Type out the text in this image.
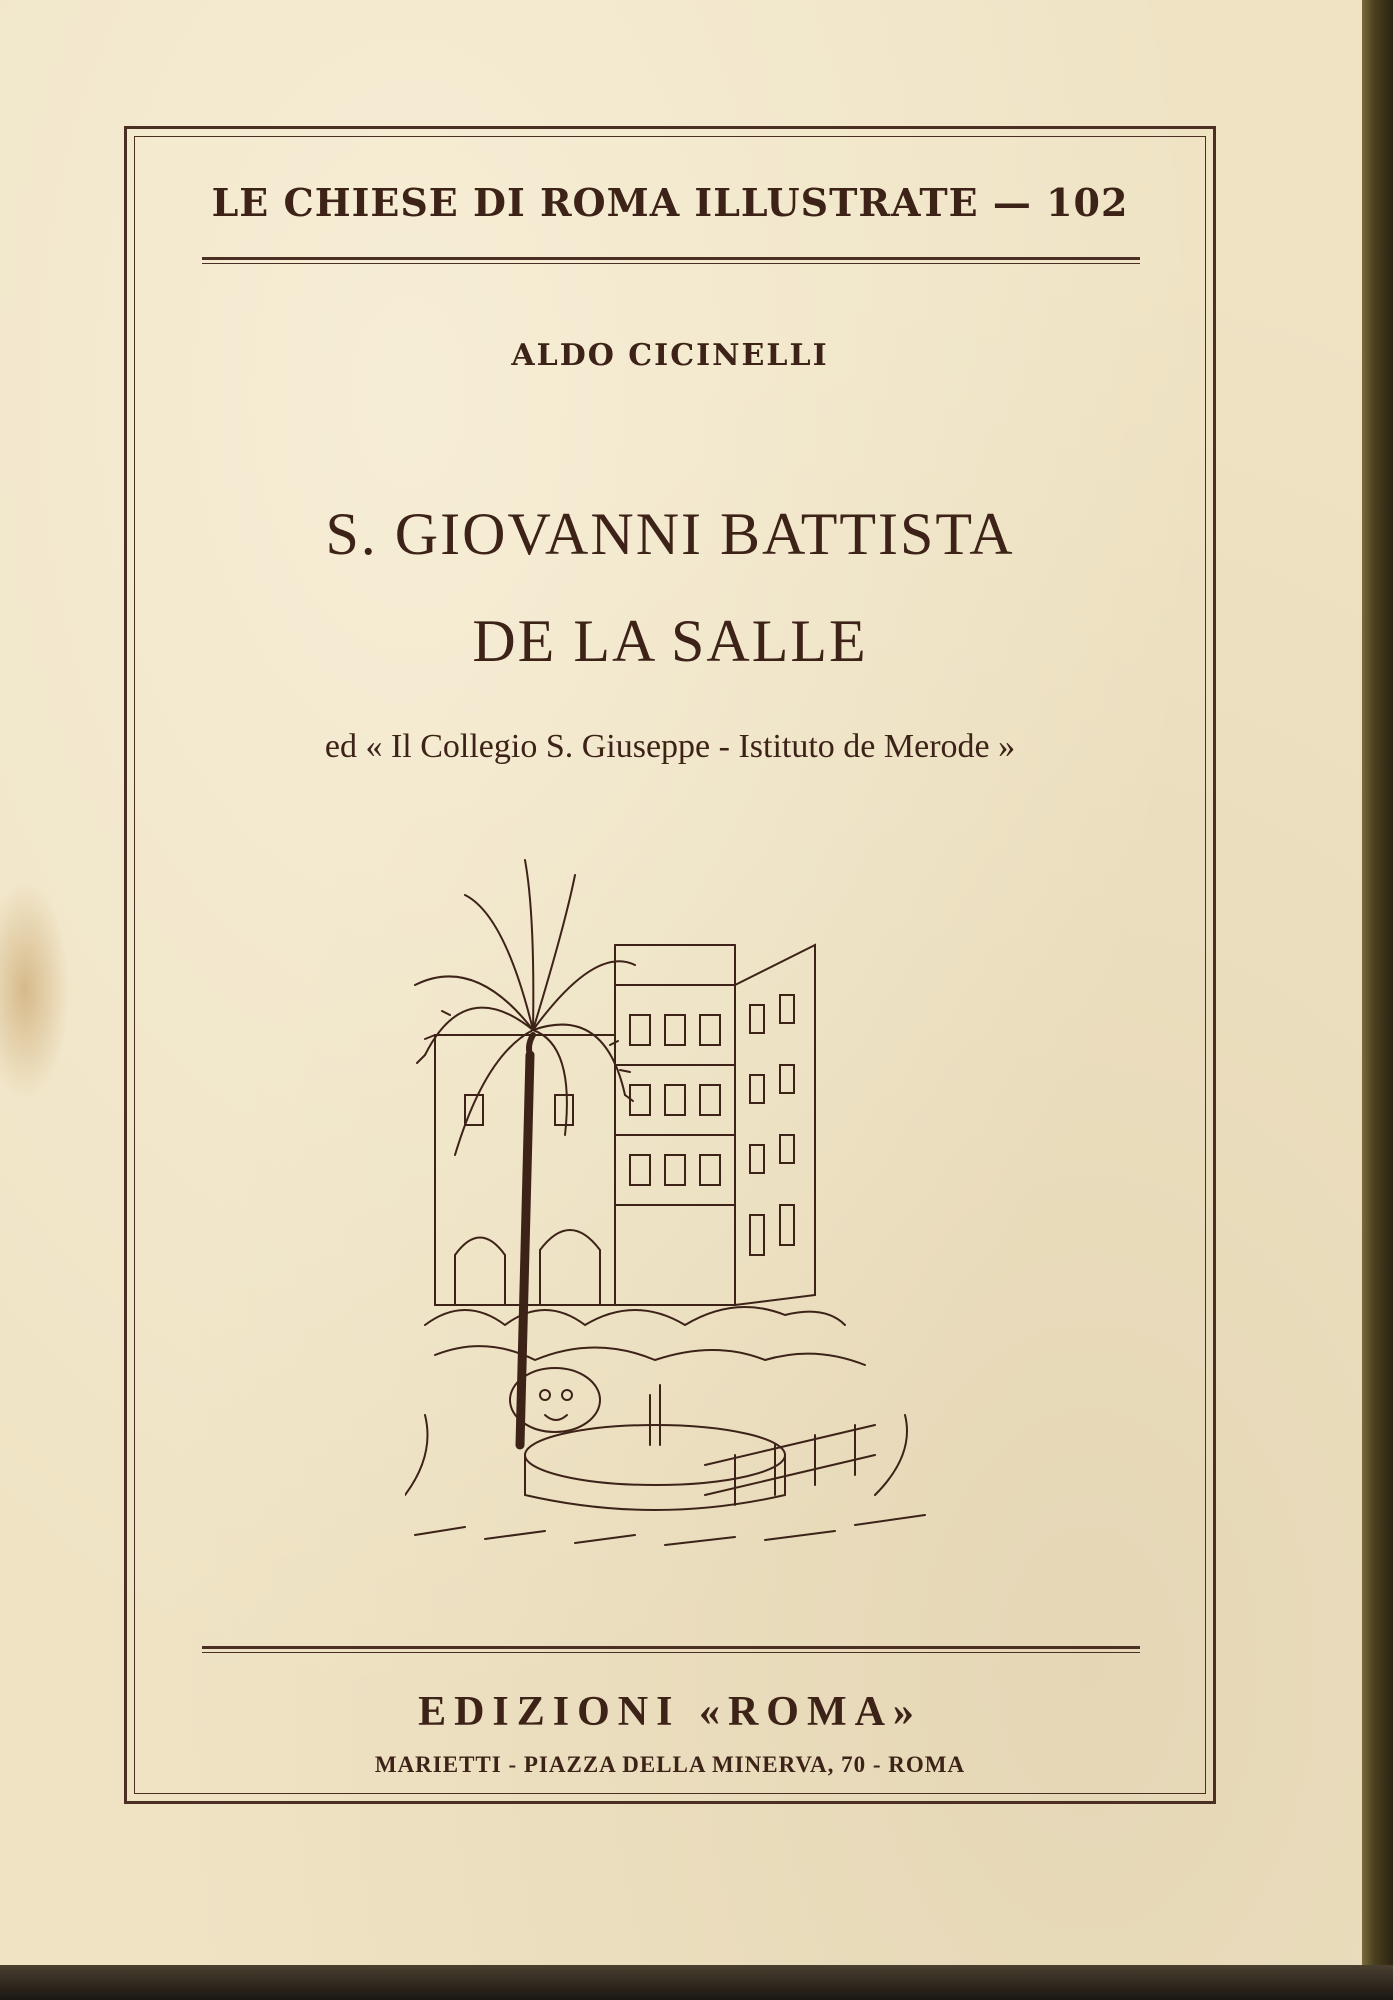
LE CHIESE DI ROMA ILLUSTRATE — 102
ALDO CICINELLI
S. GIOVANNI BATTISTA
DE LA SALLE
ed « Il Collegio S. Giuseppe - Istituto de Merode »
EDIZIONI «ROMA»
MARIETTI - PIAZZA DELLA MINERVA, 70 - ROMA
